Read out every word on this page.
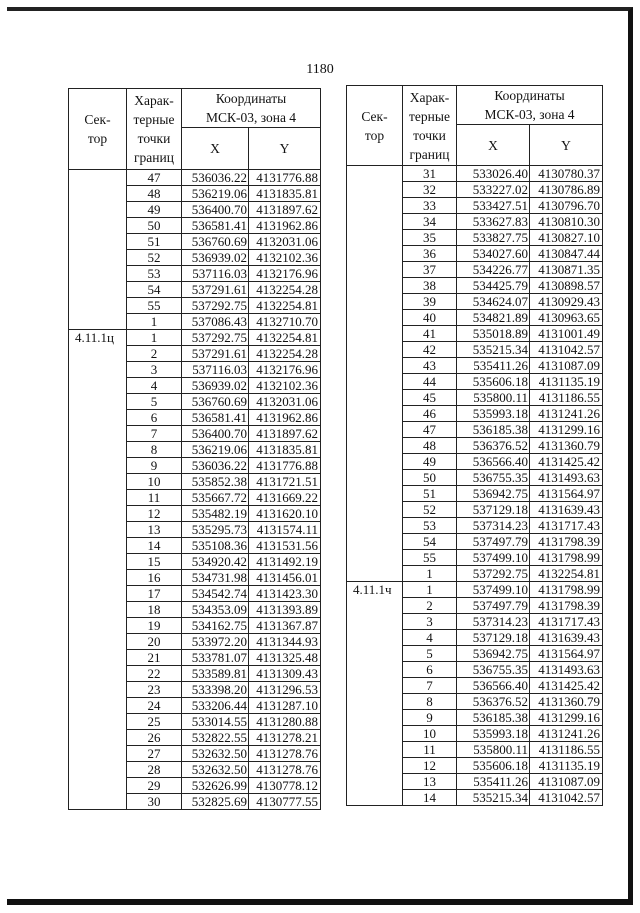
1180
Сек-
тор	Харак-
терные
точки
границ	Координаты
МСК-03, зона 4	
		X	Y
	47	536036.22	4131776.88
	48	536219.06	4131835.81
	49	536400.70	4131897.62
	50	536581.41	4131962.86
	51	536760.69	4132031.06
	52	536939.02	4132102.36
	53	537116.03	4132176.96
	54	537291.61	4132254.28
	55	537292.75	4132254.81
	1	537086.43	4132710.70
4.11.1ц	1	537292.75	4132254.81
	2	537291.61	4132254.28
	3	537116.03	4132176.96
	4	536939.02	4132102.36
	5	536760.69	4132031.06
	6	536581.41	4131962.86
	7	536400.70	4131897.62
	8	536219.06	4131835.81
	9	536036.22	4131776.88
	10	535852.38	4131721.51
	11	535667.72	4131669.22
	12	535482.19	4131620.10
	13	535295.73	4131574.11
	14	535108.36	4131531.56
	15	534920.42	4131492.19
	16	534731.98	4131456.01
	17	534542.74	4131423.30
	18	534353.09	4131393.89
	19	534162.75	4131367.87
	20	533972.20	4131344.93
	21	533781.07	4131325.48
	22	533589.81	4131309.43
	23	533398.20	4131296.53
	24	533206.44	4131287.10
	25	533014.55	4131280.88
	26	532822.55	4131278.21
	27	532632.50	4131278.76
	28	532632.50	4131278.76
	29	532626.99	4130778.12
	30	532825.69	4130777.55
Сек-
тор	Харак-
терные
точки
границ	Координаты
МСК-03, зона 4	
		X	Y
	31	533026.40	4130780.37
	32	533227.02	4130786.89
	33	533427.51	4130796.70
	34	533627.83	4130810.30
	35	533827.75	4130827.10
	36	534027.60	4130847.44
	37	534226.77	4130871.35
	38	534425.79	4130898.57
	39	534624.07	4130929.43
	40	534821.89	4130963.65
	41	535018.89	4131001.49
	42	535215.34	4131042.57
	43	535411.26	4131087.09
	44	535606.18	4131135.19
	45	535800.11	4131186.55
	46	535993.18	4131241.26
	47	536185.38	4131299.16
	48	536376.52	4131360.79
	49	536566.40	4131425.42
	50	536755.35	4131493.63
	51	536942.75	4131564.97
	52	537129.18	4131639.43
	53	537314.23	4131717.43
	54	537497.79	4131798.39
	55	537499.10	4131798.99
	1	537292.75	4132254.81
4.11.1ч	1	537499.10	4131798.99
	2	537497.79	4131798.39
	3	537314.23	4131717.43
	4	537129.18	4131639.43
	5	536942.75	4131564.97
	6	536755.35	4131493.63
	7	536566.40	4131425.42
	8	536376.52	4131360.79
	9	536185.38	4131299.16
	10	535993.18	4131241.26
	11	535800.11	4131186.55
	12	535606.18	4131135.19
	13	535411.26	4131087.09
	14	535215.34	4131042.57
